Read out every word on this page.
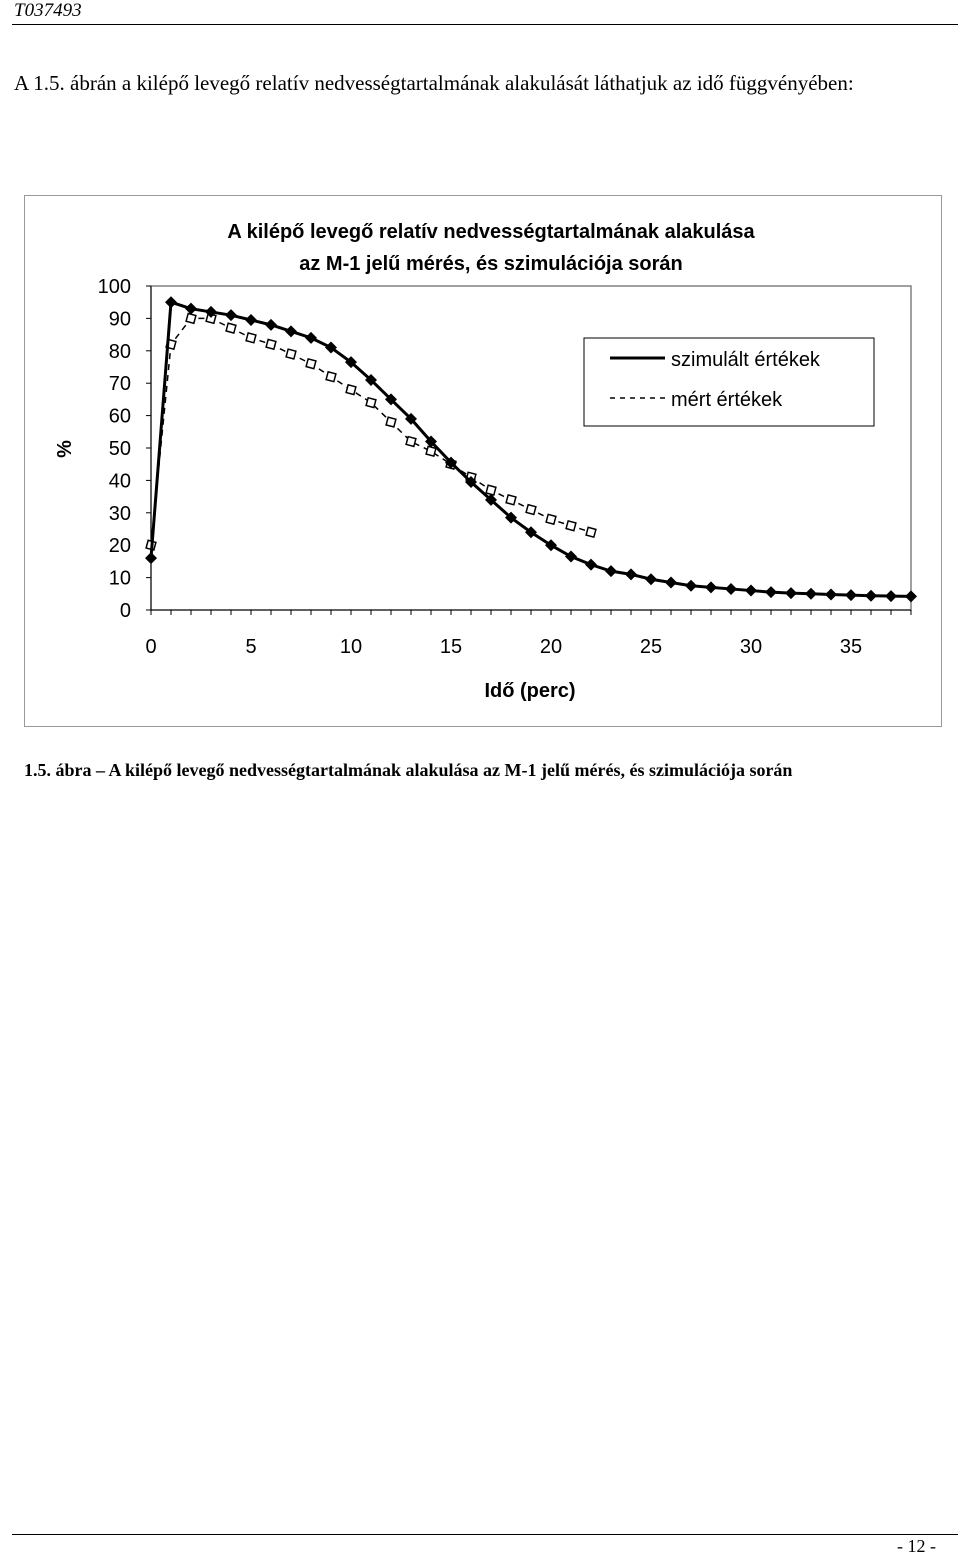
T037493
A 1.5. ábrán a kilépő levegő relatív nedvességtartalmának alakulását láthatjuk az idő függvényében:
A kilépő levegő relatív nedvességtartalmának alakulása
az M-1 jelű mérés, és szimulációja során
%
Idő (perc)
0
10
20
30
40
50
60
70
80
90
100
0	5	10	15	20	25	30	35
szimulált értékek
mért értékek
1.5. ábra – A kilépő levegő nedvességtartalmának alakulása az M-1 jelű mérés, és szimulációja során
- 12 -
